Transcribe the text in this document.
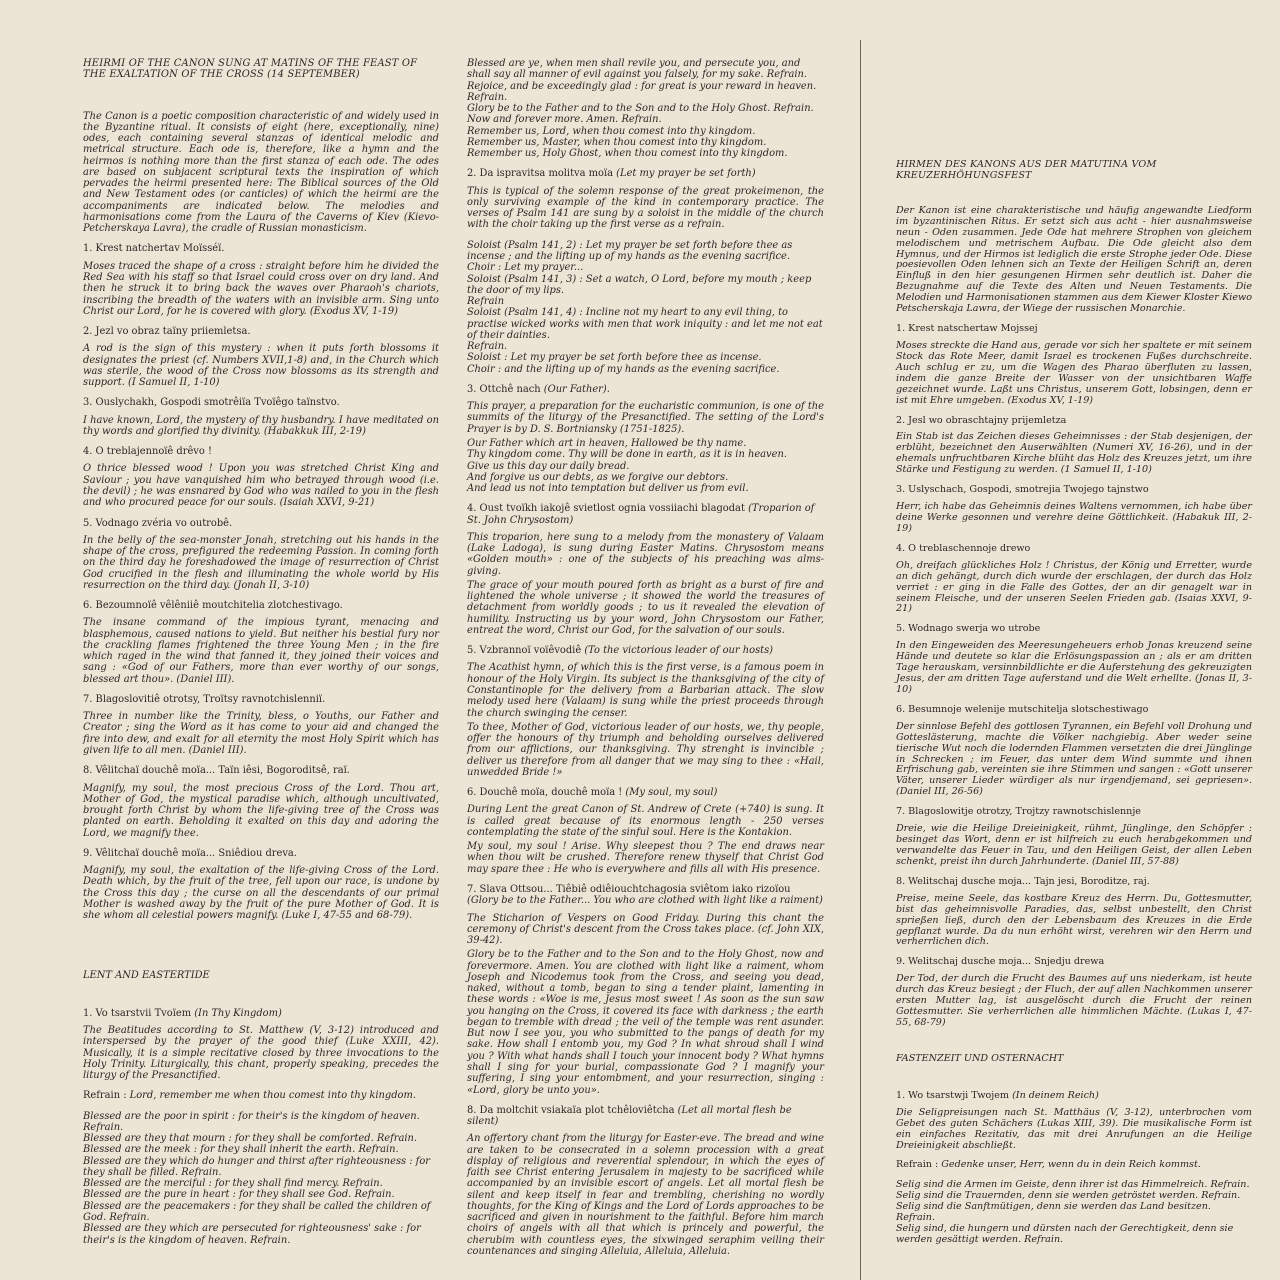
HEIRMI OF THE CANON SUNG AT MATINS OF THE FEAST OF THE EXALTATION OF THE CROSS (14 SEPTEMBER)
The Canon is a poetic composition characteristic of and widely used in the Byzantine ritual. It consists of eight (here, exceptionally, nine) odes, each containing several stanzas of identical melodic and metrical structure. Each ode is, therefore, like a hymn and the heirmos is nothing more than the first stanza of each ode. The odes are based on subjacent scriptural texts the inspiration of which pervades the heirmi presented here: The Biblical sources of the Old and New Testament odes (or canticles) of which the heirmi are the accompaniments are indicated below. The melodies and harmonisations come from the Laura of the Caverns of Kiev (Kievo-Petcherskaya Lavra), the cradle of Russian monasticism.
1. Krest natchertav Moïsséï.
Moses traced the shape of a cross : straight before him he divided the Red Sea with his staff so that Israel could cross over on dry land. And then he struck it to bring back the waves over Pharaoh's chariots, inscribing the breadth of the waters with an invisible arm. Sing unto Christ our Lord, for he is covered with glory. (Exodus XV, 1-19)
2. Jezl vo obraz taïny priiemletsa.
A rod is the sign of this mystery : when it puts forth blossoms it designates the priest (cf. Numbers XVII,1-8) and, in the Church which was sterile, the wood of the Cross now blossoms as its strength and support. (I Samuel II, 1-10)
3. Ouslychakh, Gospodi smotrêiïa Tvoïêgo taïnstvo.
I have known, Lord, the mystery of thy husbandry. I have meditated on thy words and glorified thy divinity. (Habakkuk III, 2-19)
4. O treblajennoïê drêvo !
O thrice blessed wood ! Upon you was stretched Christ King and Saviour ; you have vanquished him who betrayed through wood (i.e. the devil) ; he was ensnared by God who was nailed to you in the flesh and who procured peace for our souls. (Isaiah XXVI, 9-21)
5. Vodnago zvéria vo outrobê.
In the belly of the sea-monster Jonah, stretching out his hands in the shape of the cross, prefigured the redeeming Passion. In coming forth on the third day he foreshadowed the image of resurrection of Christ God crucified in the flesh and illuminating the whole world by His resurrection on the third day. (Jonah II, 3-10)
6. Bezoumnoïê vêlêniiê moutchitelia zlotchestivago.
The insane command of the impious tyrant, menacing and blasphemous, caused nations to yield. But neither his bestial fury nor the crackling flames frightened the three Young Men ; in the fire which raged in the wind that fanned it, they joined their voices and sang : «God of our Fathers, more than ever worthy of our songs, blessed art thou». (Daniel III).
7. Blagoslovitiê otrotsy, Troïtsy ravnotchislenniï.
Three in number like the Trinity, bless, o Youths, our Father and Creator ; sing the Word as it has come to your aid and changed the fire into dew, and exalt for all eternity the most Holy Spirit which has given life to all men. (Daniel III).
8. Vêlitchaï douchê moïa... Taïn iêsi, Bogoroditsê, raï.
Magnify, my soul, the most precious Cross of the Lord. Thou art, Mother of God, the mystical paradise which, although uncultivated, brought forth Christ by whom the life-giving tree of the Cross was planted on earth. Beholding it exalted on this day and adoring the Lord, we magnify thee.
9. Vêlitchaï douchê moïa... Sniêdiou dreva.
Magnify, my soul, the exaltation of the life-giving Cross of the Lord. Death which, by the fruit of the tree, fell upon our race, is undone by the Cross this day ; the curse on all the descendants of our primal Mother is washed away by the fruit of the pure Mother of God. It is she whom all celestial powers magnify. (Luke I, 47-55 and 68-79).
LENT AND EASTERTIDE
1. Vo tsarstvii Tvoïem (In Thy Kingdom)
The Beatitudes according to St. Matthew (V, 3-12) introduced and interspersed by the prayer of the good thief (Luke XXIII, 42). Musically, it is a simple recitative closed by three invocations to the Holy Trinity. Liturgically, this chant, properly speaking, precedes the liturgy of the Presanctified.
Refrain : Lord, remember me when thou comest into thy kingdom.
Blessed are the poor in spirit : for their's is the kingdom of heaven. Refrain.
Blessed are they that mourn : for they shall be comforted. Refrain.
Blessed are the meek : for they shall inherit the earth. Refrain.
Blessed are they which do hunger and thirst after righteousness : for they shall be filled. Refrain.
Blessed are the merciful : for they shall find mercy. Refrain.
Blessed are the pure in heart : for they shall see God. Refrain.
Blessed are the peacemakers : for they shall be called the children of God. Refrain.
Blessed are they which are persecuted for righteousness' sake : for their's is the kingdom of heaven. Refrain.
Blessed are ye, when men shall revile you, and persecute you, and shall say all manner of evil against you falsely, for my sake. Refrain.
Rejoice, and be exceedingly glad : for great is your reward in heaven. Refrain.
Glory be to the Father and to the Son and to the Holy Ghost. Refrain.
Now and forever more. Amen. Refrain.
Remember us, Lord, when thou comest into thy kingdom.
Remember us, Master, when thou comest into thy kingdom.
Remember us, Holy Ghost, when thou comest into thy kingdom.
2. Da ispravitsa molitva moïa (Let my prayer be set forth)
This is typical of the solemn response of the great prokeimenon, the only surviving example of the kind in contemporary practice. The verses of Psalm 141 are sung by a soloist in the middle of the church with the choir taking up the first verse as a refrain.
Soloist (Psalm 141, 2) : Let my prayer be set forth before thee as incense ; and the lifting up of my hands as the evening sacrifice.
Choir : Let my prayer...
Soloist (Psalm 141, 3) : Set a watch, O Lord, before my mouth ; keep the door of my lips.
Refrain
Soloist (Psalm 141, 4) : Incline not my heart to any evil thing, to practise wicked works with men that work iniquity : and let me not eat of their dainties.
Refrain.
Soloist : Let my prayer be set forth before thee as incense.
Choir : and the lifting up of my hands as the evening sacrifice.
3. Ottchê nach (Our Father).
This prayer, a preparation for the eucharistic communion, is one of the summits of the liturgy of the Presanctified. The setting of the Lord's Prayer is by D. S. Bortniansky (1751-1825).
Our Father which art in heaven, Hallowed be thy name.
Thy kingdom come. Thy will be done in earth, as it is in heaven.
Give us this day our daily bread.
And forgive us our debts, as we forgive our debtors.
And lead us not into temptation but deliver us from evil.
4. Oust tvoïkh iakojê svietlost ognia vossiiachi blagodat (Troparion of St. John Chrysostom)
This troparion, here sung to a melody from the monastery of Valaam (Lake Ladoga), is sung during Easter Matins. Chrysostom means «Golden mouth» : one of the subjects of his preaching was alms-giving.
The grace of your mouth poured forth as bright as a burst of fire and lightened the whole universe ; it showed the world the treasures of detachment from worldly goods ; to us it revealed the elevation of humility. Instructing us by your word, John Chrysostom our Father, entreat the word, Christ our God, for the salvation of our souls.
5. Vzbrannoï voïêvodiê (To the victorious leader of our hosts)
The Acathist hymn, of which this is the first verse, is a famous poem in honour of the Holy Virgin. Its subject is the thanksgiving of the city of Constantinople for the delivery from a Barbarian attack. The slow melody used here (Valaam) is sung while the priest proceeds through the church swinging the censer.
To thee, Mother of God, victorious leader of our hosts, we, thy people, offer the honours of thy triumph and beholding ourselves delivered from our afflictions, our thanksgiving. Thy strenght is invincible ; deliver us therefore from all danger that we may sing to thee : «Hail, unwedded Bride !»
6. Douchê moïa, douchê moïa ! (My soul, my soul)
During Lent the great Canon of St. Andrew of Crete (+740) is sung. It is called great because of its enormous length - 250 verses contemplating the state of the sinful soul. Here is the Kontakion.
My soul, my soul ! Arise. Why sleepest thou ? The end draws near when thou wilt be crushed. Therefore renew thyself that Christ God may spare thee : He who is everywhere and fills all with His presence.
7. Slava Ottsou... Tiêbiê odiêiouchtchagosia sviêtom iako rizoïou (Glory be to the Father... You who are clothed with light like a raiment)
The Sticharion of Vespers on Good Friday. During this chant the ceremony of Christ's descent from the Cross takes place. (cf. John XIX, 39-42).
Glory be to the Father and to the Son and to the Holy Ghost, now and forevermore. Amen. You are clothed with light like a raiment, whom Joseph and Nicodemus took from the Cross, and seeing you dead, naked, without a tomb, began to sing a tender plaint, lamenting in these words : «Woe is me, Jesus most sweet ! As soon as the sun saw you hanging on the Cross, it covered its face with darkness ; the earth began to tremble with dread ; the veil of the temple was rent asunder. But now I see you, you who submitted to the pangs of death for my sake. How shall I entomb you, my God ? In what shroud shall I wind you ? With what hands shall I touch your innocent body ? What hymns shall I sing for your burial, compassionate God ? I magnify your suffering, I sing your entombment, and your resurrection, singing : «Lord, glory be unto you».
8. Da moltchit vsiakaïa plot tchêloviêtcha (Let all mortal flesh be silent)
An offertory chant from the liturgy for Easter-eve. The bread and wine are taken to be consecrated in a solemn procession with a great display of religious and reverential splendour, in which the eyes of faith see Christ entering Jerusalem in majesty to be sacrificed while accompanied by an invisible escort of angels. Let all mortal flesh be silent and keep itself in fear and trembling, cherishing no wordly thoughts, for the King of Kings and the Lord of Lords approaches to be sacrificed and given in nourishment to the faithful. Before him march choirs of angels with all that which is princely and powerful, the cherubim with countless eyes, the sixwinged seraphim veiling their countenances and singing Alleluia, Alleluia, Alleluia.
HIRMEN DES KANONS AUS DER MATUTINA VOM KREUZERHÖHUNGSFEST
Der Kanon ist eine charakteristische und häufig angewandte Liedform im byzantinischen Ritus. Er setzt sich aus acht - hier ausnahmsweise neun - Oden zusammen. Jede Ode hat mehrere Strophen von gleichem melodischem und metrischem Aufbau. Die Ode gleicht also dem Hymnus, und der Hirmos ist lediglich die erste Strophe jeder Ode. Diese poesievollen Oden lehnen sich an Texte der Heiligen Schrift an, deren Einfluß in den hier gesungenen Hirmen sehr deutlich ist. Daher die Bezugnahme auf die Texte des Alten und Neuen Testaments. Die Melodien und Harmonisationen stammen aus dem Kiewer Kloster Kiewo Petscherskaja Lawra, der Wiege der russischen Monarchie.
1. Krest natschertaw Mojssej
Moses streckte die Hand aus, gerade vor sich her spaltete er mit seinem Stock das Rote Meer, damit Israel es trockenen Fußes durchschreite. Auch schlug er zu, um die Wagen des Pharao überfluten zu lassen, indem die ganze Breite der Wasser von der unsichtbaren Waffe gezeichnet wurde. Laßt uns Christus, unserem Gott, lobsingen, denn er ist mit Ehre umgeben. (Exodus XV, 1-19)
2. Jesl wo obraschtajny prijemletza
Ein Stab ist das Zeichen dieses Geheimnisses : der Stab desjenigen, der erblüht, bezeichnet den Auserwählten (Numeri XV, 16-26), und in der ehemals unfruchtbaren Kirche blüht das Holz des Kreuzes jetzt, um ihre Stärke und Festigung zu werden. (1 Samuel II, 1-10)
3. Uslyschach, Gospodi, smotrejia Twojego tajnstwo
Herr, ich habe das Geheimnis deines Waltens vernommen, ich habe über deine Werke gesonnen und verehre deine Göttlichkeit. (Habakuk III, 2-19)
4. O treblaschennoje drewo
Oh, dreifach glückliches Holz ! Christus, der König und Erretter, wurde an dich gehängt, durch dich wurde der erschlagen, der durch das Holz verriet : er ging in die Falle des Gottes, der an dir genagelt war in seinem Fleische, und der unseren Seelen Frieden gab. (Isaias XXVI, 9-21)
5. Wodnago swerja wo utrobe
In den Eingeweiden des Meeresungeheuers erhob Jonas kreuzend seine Hände und deutete so klar die Erlösungspassion an ; als er am dritten Tage herauskam, versinnbildlichte er die Auferstehung des gekreuzigten Jesus, der am dritten Tage auferstand und die Welt erhellte. (Jonas II, 3-10)
6. Besumnoje welenije mutschitelja slotschestiwago
Der sinnlose Befehl des gottlosen Tyrannen, ein Befehl voll Drohung und Gotteslästerung, machte die Völker nachgiebig. Aber weder seine tierische Wut noch die lodernden Flammen versetzten die drei Jünglinge in Schrecken ; im Feuer, das unter dem Wind summte und ihnen Erfrischung gab, vereinten sie ihre Stimmen und sangen : «Gott unserer Väter, unserer Lieder würdiger als nur irgendjemand, sei gepriesen». (Daniel III, 26-56)
7. Blagoslowitje otrotzy, Trojtzy rawnotschislennje
Dreie, wie die Heilige Dreieinigkeit, rühmt, Jünglinge, den Schöpfer : besinget das Wort, denn er ist hilfreich zu euch herabgekommen und verwandelte das Feuer in Tau, und den Heiligen Geist, der allen Leben schenkt, preist ihn durch Jahrhunderte. (Daniel III, 57-88)
8. Welitschaj dusche moja... Tajn jesi, Boroditze, raj.
Preise, meine Seele, das kostbare Kreuz des Herrn. Du, Gottesmutter, bist das geheimnisvolle Paradies, das, selbst unbestellt, den Christ sprießen ließ, durch den der Lebensbaum des Kreuzes in die Erde gepflanzt wurde. Da du nun erhöht wirst, verehren wir den Herrn und verherrlichen dich.
9. Welitschaj dusche moja... Snjedju drewa
Der Tod, der durch die Frucht des Baumes auf uns niederkam, ist heute durch das Kreuz besiegt ; der Fluch, der auf allen Nachkommen unserer ersten Mutter lag, ist ausgelöscht durch die Frucht der reinen Gottesmutter. Sie verherrlichen alle himmlichen Mächte. (Lukas I, 47-55, 68-79)
FASTENZEIT UND OSTERNACHT
1. Wo tsarstwji Twojem (In deinem Reich)
Die Seligpreisungen nach St. Matthäus (V, 3-12), unterbrochen vom Gebet des guten Schächers (Lukas XIII, 39). Die musikalische Form ist ein einfaches Rezitativ, das mit drei Anrufungen an die Heilige Dreieinigkeit abschließt.
Refrain : Gedenke unser, Herr, wenn du in dein Reich kommst.
Selig sind die Armen im Geiste, denn ihrer ist das Himmelreich. Refrain.
Selig sind die Trauernden, denn sie werden getröstet werden. Refrain.
Selig sind die Sanftmütigen, denn sie werden das Land besitzen. Refrain.
Selig sind, die hungern und dürsten nach der Gerechtigkeit, denn sie werden gesättigt werden. Refrain.
